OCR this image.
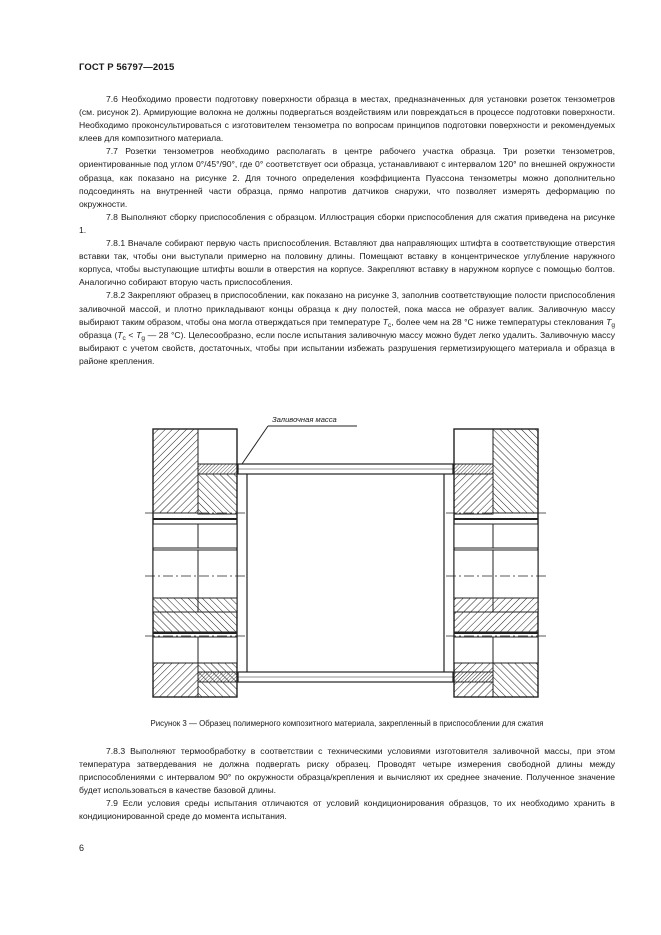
ГОСТ Р 56797—2015

7.6 Необходимо провести подготовку поверхности образца в местах, предназначенных для установки розеток тензометров (см. рисунок 2). Армирующие волокна не должны подвергаться воздействиям или повреждаться в процессе подготовки поверхности. Необходимо проконсультироваться с изготовителем тензометра по вопросам принципов подготовки поверхности и рекомендуемых клеев для композитного материала.

7.7 Розетки тензометров необходимо располагать в центре рабочего участка образца. Три розетки тензометров, ориентированные под углом 0°/45°/90°, где 0° соответствует оси образца, устанавливают с интервалом 120° по внешней окружности образца, как показано на рисунке 2. Для точного определения коэффициента Пуассона тензометры можно дополнительно подсоединять на внутренней части образца, прямо напротив датчиков снаружи, что позволяет измерять деформацию по окружности.

7.8 Выполняют сборку приспособления с образцом. Иллюстрация сборки приспособления для сжатия приведена на рисунке 1.

7.8.1 Вначале собирают первую часть приспособления. Вставляют два направляющих штифта в соответствующие отверстия вставки так, чтобы они выступали примерно на половину длины. Помещают вставку в концентрическое углубление наружного корпуса, чтобы выступающие штифты вошли в отверстия на корпусе. Закрепляют вставку в наружном корпусе с помощью болтов. Аналогично собирают вторую часть приспособления.

7.8.2 Закрепляют образец в приспособлении, как показано на рисунке 3, заполнив соответствующие полости приспособления заливочной массой, и плотно прикладывают концы образца к дну полостей, пока масса не образует валик. Заливочную массу выбирают таким образом, чтобы она могла отверждаться при температуре $T_c$, более чем на 28 °C ниже температуры стеклования $T_g$ образца ($T_c < T_g$ — 28 °C). Целесообразно, если после испытания заливочную массу можно будет легко удалить. Заливочную массу выбирают с учетом свойств, достаточных, чтобы при испытании избежать разрушения герметизирующего материала и образца в районе крепления.

Заливочная масса
Рисунок 3 — Образец полимерного композитного материала, закрепленный в приспособлении для сжатия

7.8.3 Выполняют термообработку в соответствии с техническими условиями изготовителя заливочной массы, при этом температура затвердевания не должна подвергать риску образец. Проводят четыре измерения свободной длины между приспособлениями с интервалом 90° по окружности образца/крепления и вычисляют их среднее значение. Полученное значение будет использоваться в качестве базовой длины.

7.9 Если условия среды испытания отличаются от условий кондиционирования образцов, то их необходимо хранить в кондиционированной среде до момента испытания.

6
